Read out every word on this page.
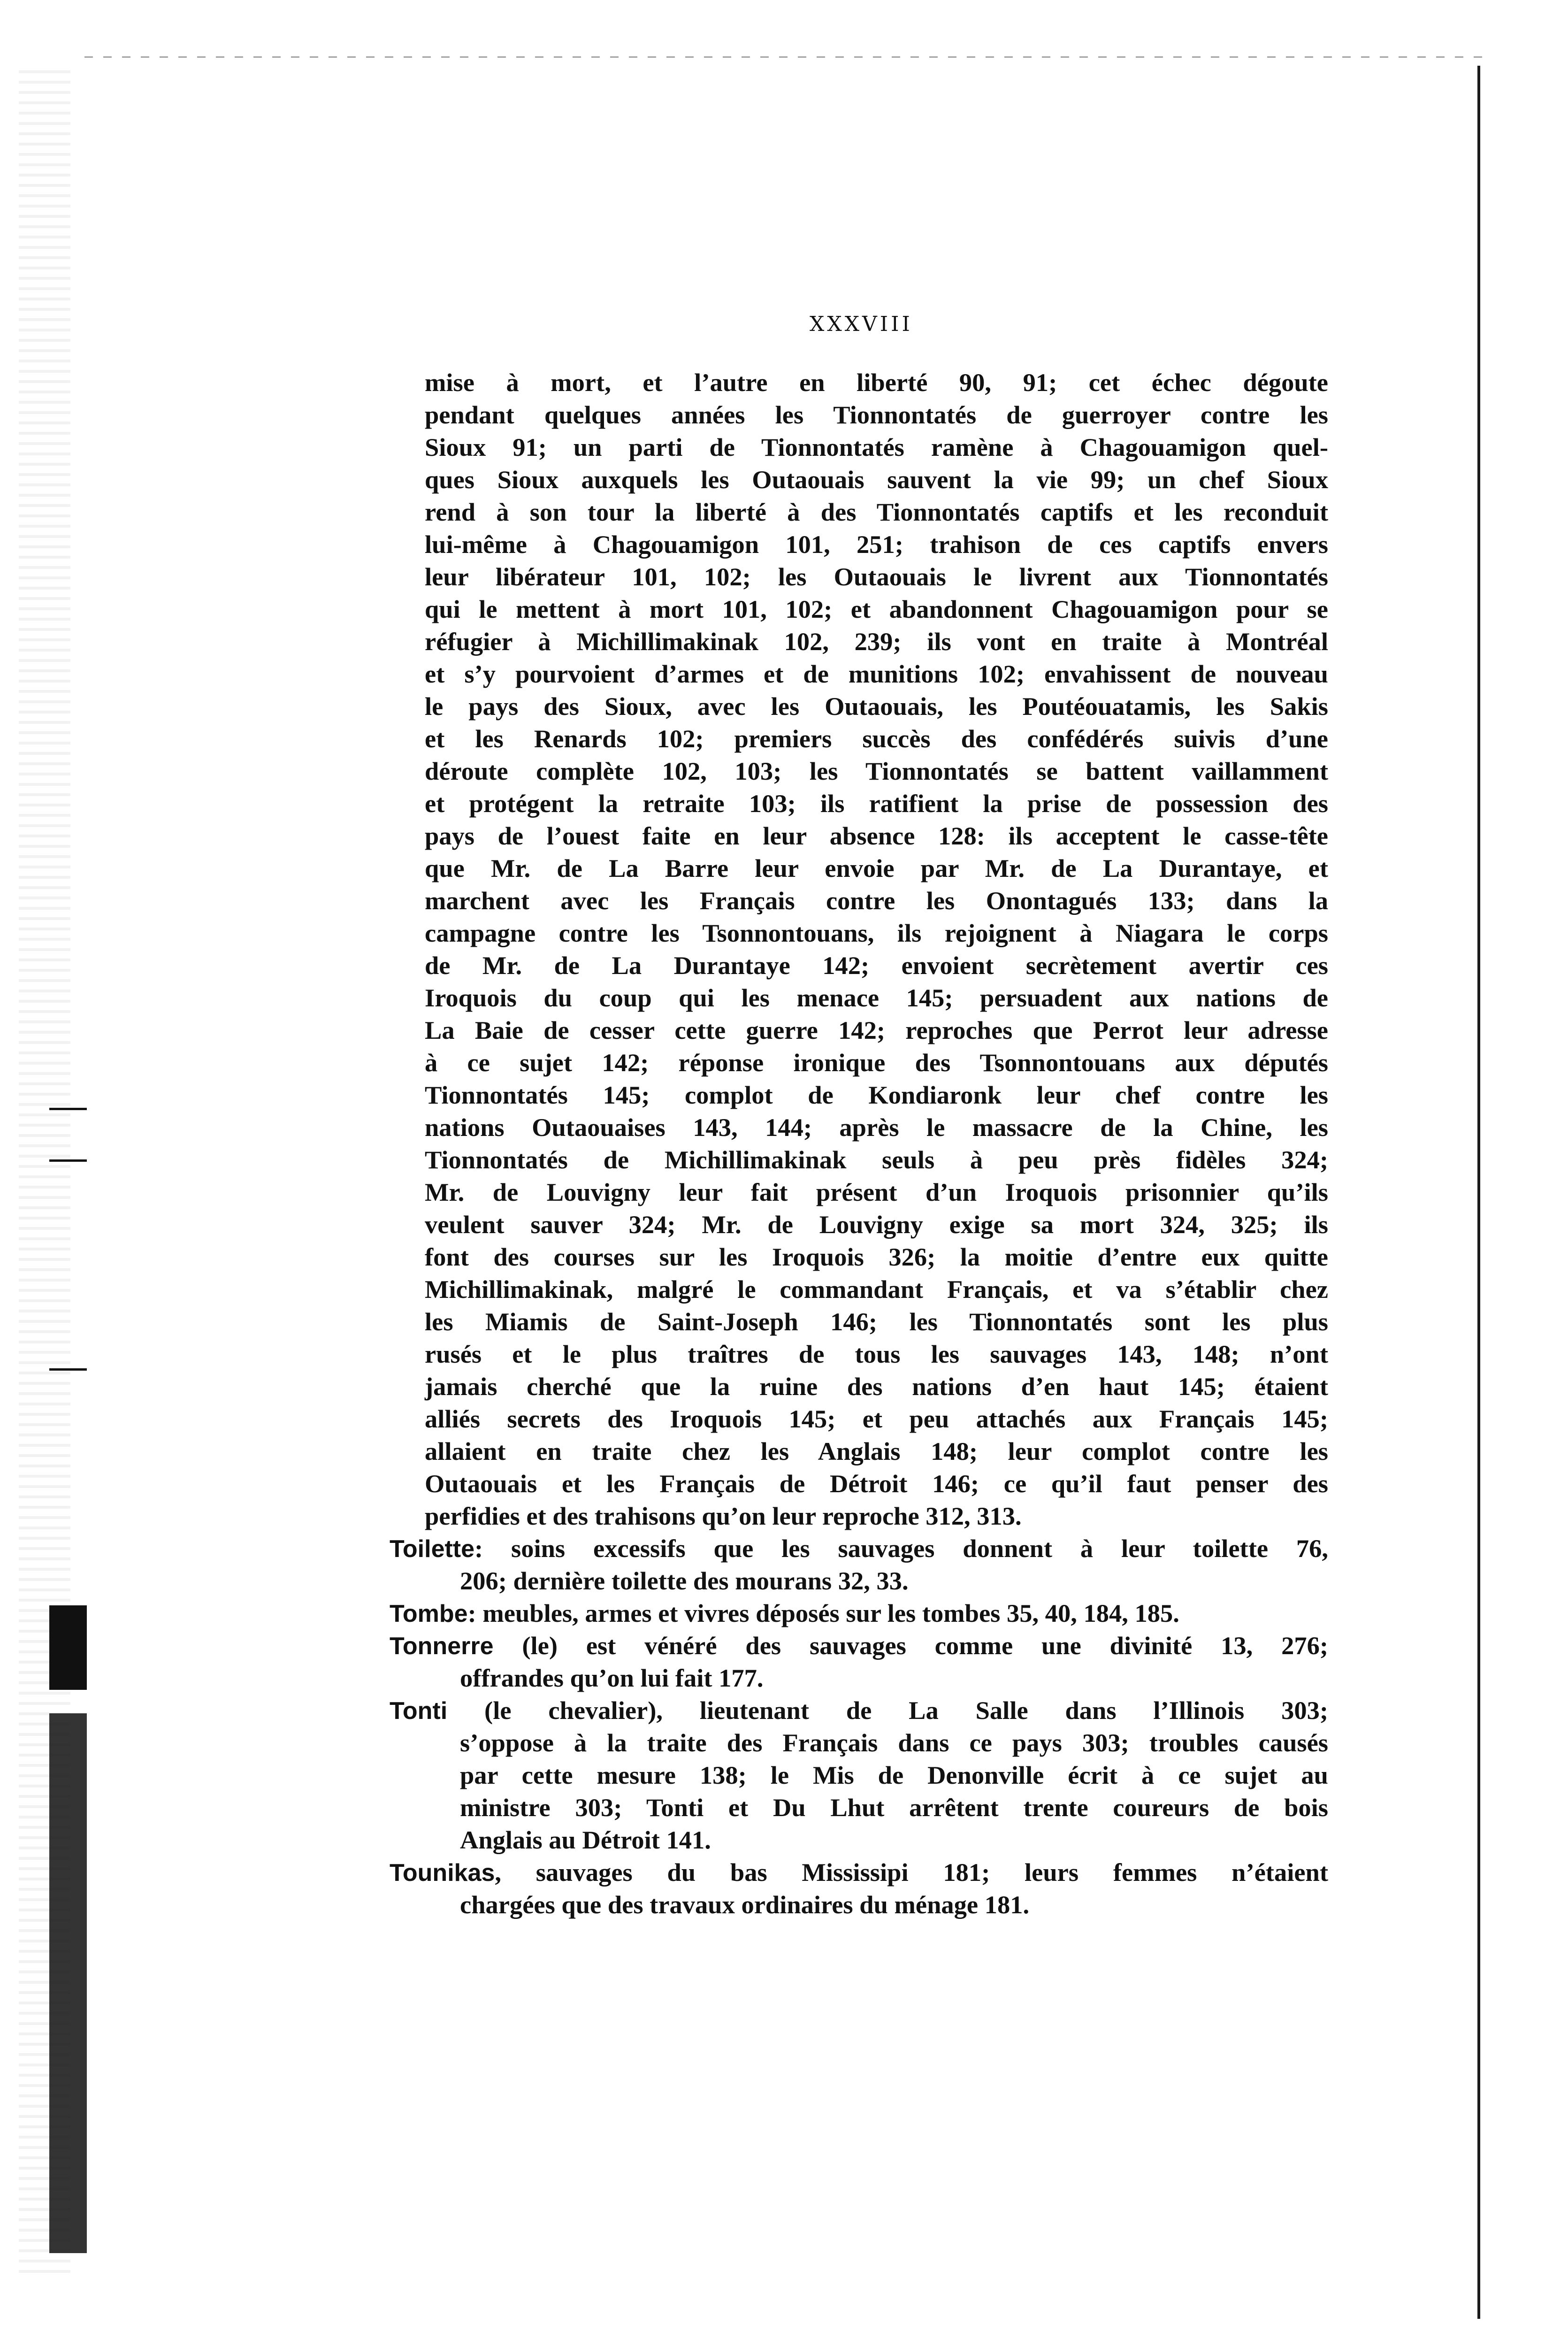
XXXVIII
mise à mort, et l’autre en liberté 90, 91; cet échec dégoute
pendant quelques années les Tionnontatés de guerroyer contre les
Sioux 91; un parti de Tionnontatés ramène à Chagouamigon quel-
ques Sioux auxquels les Outaouais sauvent la vie 99; un chef Sioux
rend à son tour la liberté à des Tionnontatés captifs et les reconduit
lui-même à Chagouamigon 101, 251; trahison de ces captifs envers
leur libérateur 101, 102; les Outaouais le livrent aux Tionnontatés
qui le mettent à mort 101, 102; et abandonnent Chagouamigon pour se
réfugier à Michillimakinak 102, 239; ils vont en traite à Montréal
et s’y pourvoient d’armes et de munitions 102; envahissent de nouveau
le pays des Sioux, avec les Outaouais, les Poutéouatamis, les Sakis
et les Renards 102; premiers succès des confédérés suivis d’une
déroute complète 102, 103; les Tionnontatés se battent vaillamment
et protégent la retraite 103; ils ratifient la prise de possession des
pays de l’ouest faite en leur absence 128: ils acceptent le casse-tête
que Mr. de La Barre leur envoie par Mr. de La Durantaye, et
marchent avec les Français contre les Onontagués 133; dans la
campagne contre les Tsonnontouans, ils rejoignent à Niagara le corps
de Mr. de La Durantaye 142; envoient secrètement avertir ces
Iroquois du coup qui les menace 145; persuadent aux nations de
La Baie de cesser cette guerre 142; reproches que Perrot leur adresse
à ce sujet 142; réponse ironique des Tsonnontouans aux députés
Tionnontatés 145; complot de Kondiaronk leur chef contre les
nations Outaouaises 143, 144; après le massacre de la Chine, les
Tionnontatés de Michillimakinak seuls à peu près fidèles 324;
Mr. de Louvigny leur fait présent d’un Iroquois prisonnier qu’ils
veulent sauver 324; Mr. de Louvigny exige sa mort 324, 325; ils
font des courses sur les Iroquois 326; la moitie d’entre eux quitte
Michillimakinak, malgré le commandant Français, et va s’établir chez
les Miamis de Saint-Joseph 146; les Tionnontatés sont les plus
rusés et le plus traîtres de tous les sauvages 143, 148; n’ont
jamais cherché que la ruine des nations d’en haut 145; étaient
alliés secrets des Iroquois 145; et peu attachés aux Français 145;
allaient en traite chez les Anglais 148; leur complot contre les
Outaouais et les Français de Détroit 146; ce qu’il faut penser des
perfidies et des trahisons qu’on leur reproche 312, 313.
Toilette: soins excessifs que les sauvages donnent à leur toilette 76,
206; dernière toilette des mourans 32, 33.
Tombe: meubles, armes et vivres déposés sur les tombes 35, 40, 184, 185.
Tonnerre (le) est vénéré des sauvages comme une divinité 13, 276;
offrandes qu’on lui fait 177.
Tonti (le chevalier), lieutenant de La Salle dans l’Illinois 303;
s’oppose à la traite des Français dans ce pays 303; troubles causés
par cette mesure 138; le Mis de Denonville écrit à ce sujet au
ministre 303; Tonti et Du Lhut arrêtent trente coureurs de bois
Anglais au Détroit 141.
Tounikas, sauvages du bas Mississipi 181; leurs femmes n’étaient
chargées que des travaux ordinaires du ménage 181.
